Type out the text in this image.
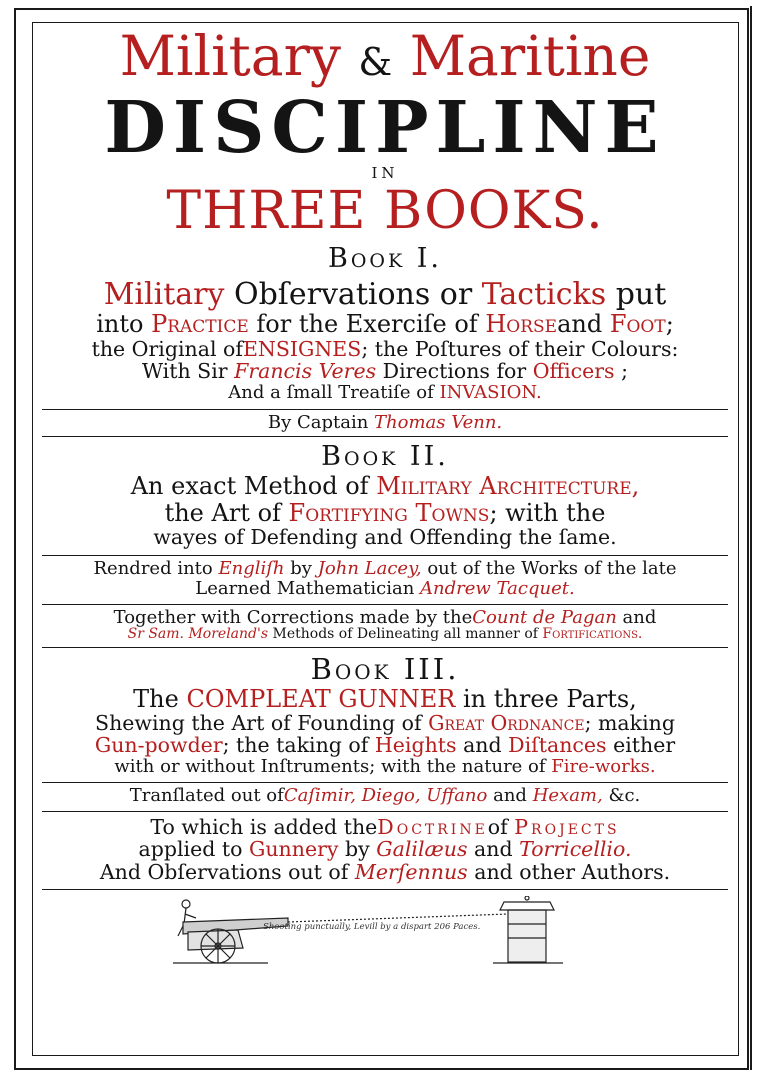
Military & Maritine
DISCIPLINE
IN
THREE BOOKS.
Book I.
Military Obſervations or Tacticks put
into Practice for the Exerciſe of Horseand Foot;
the Original ofENSIGNES; the Poſtures of their Colours:
With Sir Francis Veres Directions for Officers ;
And a ſmall Treatiſe of INVASION.
By Captain Thomas Venn.
Book II.
An exact Method of Military Architecture,
the Art of Fortifying Towns; with the
wayes of Defending and Offending the ſame.
Rendred into Engliſh by John Lacey, out of the Works of the late
Learned Mathematician Andrew Tacquet.
Together with Corrections made by theCount de Pagan and
Sr Sam. Moreland's Methods of Delineating all manner of Fortifications.
Book III.
The COMPLEAT GUNNER in three Parts,
Shewing the Art of Founding of Great Ordnance; making
Gun-powder; the taking of Heights and Diſtances either
with or without Inſtruments; with the nature of Fire-works.
Tranſlated out ofCaſimir, Diego, Uffano and Hexam, &c.
To which is added theDoctrineof Projects
applied to Gunnery by Galilæus and Torricellio.
And Obſervations out of Merſennus and other Authors.
Shooting punctually, Levill by a dispart 206 Paces.
